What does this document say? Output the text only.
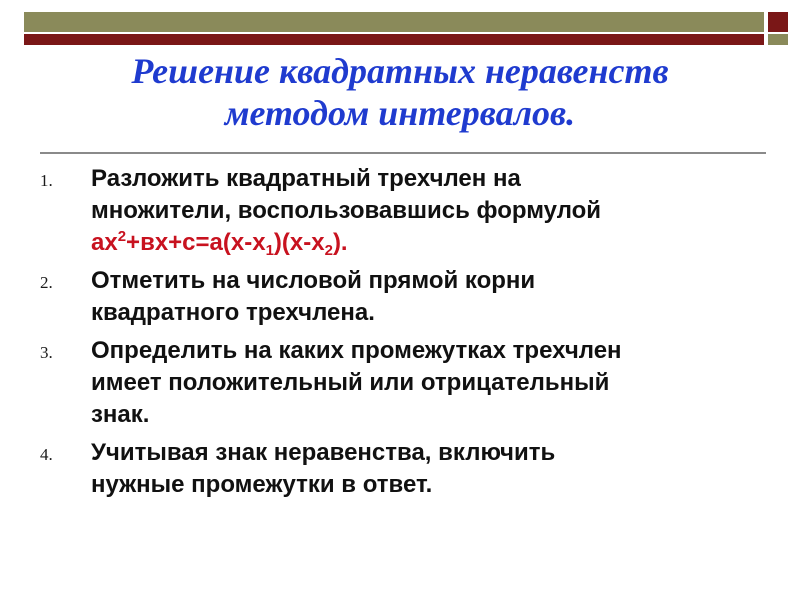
Решение квадратных неравенств
методом интервалов.
1. Разложить квадратный трехчлен на
множители, воспользовавшись формулой
$ах^2+вх+с=а(х-х_1)(х-х_2)$.
2. Отметить на числовой прямой корни
квадратного трехчлена.
3. Определить на каких промежутках трехчлен
имеет положительный или отрицательный
знак.
4. Учитывая знак неравенства, включить
нужные промежутки в ответ.
